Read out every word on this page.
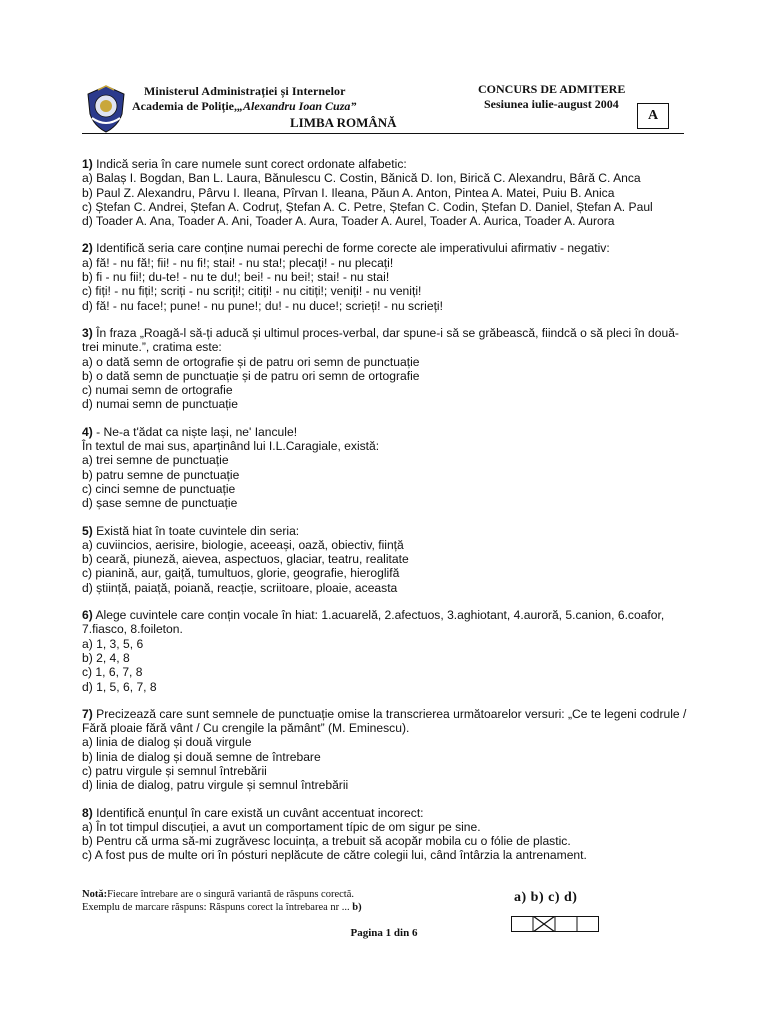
Ministerul Administrației și Internelor
Academia de Poliție,„Alexandru Ioan Cuza”
LIMBA ROMÂNĂ
CONCURS DE ADMITERE
Sesiunea iulie-august 2004
A
1) Indică seria în care numele sunt corect ordonate alfabetic:
a) Balaș I. Bogdan, Ban L. Laura, Bănulescu C. Costin, Bănică D. Ion, Birică C. Alexandru, Bâră C. Anca
b) Paul Z. Alexandru, Pârvu I. Ileana, Pîrvan I. Ileana, Păun A. Anton, Pintea A. Matei, Puiu B. Anica
c) Ștefan C. Andrei, Ștefan A. Codruț, Ștefan A. C. Petre, Ștefan C. Codin, Ștefan D. Daniel, Ștefan A. Paul
d) Toader A. Ana, Toader A. Ani, Toader A. Aura, Toader A. Aurel, Toader A. Aurica, Toader A. Aurora
2) Identifică seria care conține numai perechi de forme corecte ale imperativului afirmativ - negativ:
a) fă! - nu fă!; fii! - nu fi!; stai! - nu sta!; plecați! - nu plecați!
b) fi - nu fii!; du-te! - nu te du!; bei! - nu bei!; stai! - nu stai!
c) fiți! - nu fiți!; scriți - nu scriți!; citiți! - nu citiți!; veniți! - nu veniți!
d) fă! - nu face!; pune! - nu pune!; du! - nu duce!; scrieți! - nu scrieți!
3) În fraza „Roagă-l să-ți aducă și ultimul proces-verbal, dar spune-i să se grăbească, fiindcă o să pleci în două-trei minute.”, cratima este:
a) o dată semn de ortografie și de patru ori semn de punctuație
b) o dată semn de punctuație și de patru ori semn de ortografie
c) numai semn de ortografie
d) numai semn de punctuație
4) - Ne-a t'ădat ca niște lași, ne' Iancule!
În textul de mai sus, aparținând lui I.L.Caragiale, există:
a) trei semne de punctuație
b) patru semne de punctuație
c) cinci semne de punctuație
d) șase semne de punctuație
5) Există hiat în toate cuvintele din seria:
a) cuviincios, aerisire, biologie, aceeași, oază, obiectiv, ființă
b) ceară, piuneză, aievea, aspectuos, glaciar, teatru, realitate
c) pianină, aur, gaiță, tumultuos, glorie, geografie, hieroglifă
d) știință, paiață, poiană, reacție, scriitoare, ploaie, aceasta
6) Alege cuvintele care conțin vocale în hiat: 1.acuarelă, 2.afectuos, 3.aghiotant, 4.auroră, 5.canion, 6.coafor, 7.fiasco, 8.foileton.
a) 1, 3, 5, 6
b) 2, 4, 8
c) 1, 6, 7, 8
d) 1, 5, 6, 7, 8
7) Precizează care sunt semnele de punctuație omise la transcrierea următoarelor versuri: „Ce te legeni codrule / Fără ploaie fără vânt / Cu crengile la pământ” (M. Eminescu).
a) linia de dialog și două virgule
b) linia de dialog și două semne de întrebare
c) patru virgule și semnul întrebării
d) linia de dialog, patru virgule și semnul întrebării
8) Identifică enunțul în care există un cuvânt accentuat incorect:
a) În tot timpul discuției, a avut un comportament típic de om sigur pe sine.
b) Pentru că urma să-mi zugrăvesc locuința, a trebuit să acopăr mobila cu o fólie de plastic.
c) A fost pus de multe ori în pósturi neplăcute de către colegii lui, când întârzia la antrenament.
Notă:Fiecare întrebare are o singură variantă de răspuns corectă.
Exemplu de marcare răspuns: Răspuns corect la întrebarea nr ... b)
a) b) c) d)
Pagina 1 din 6
